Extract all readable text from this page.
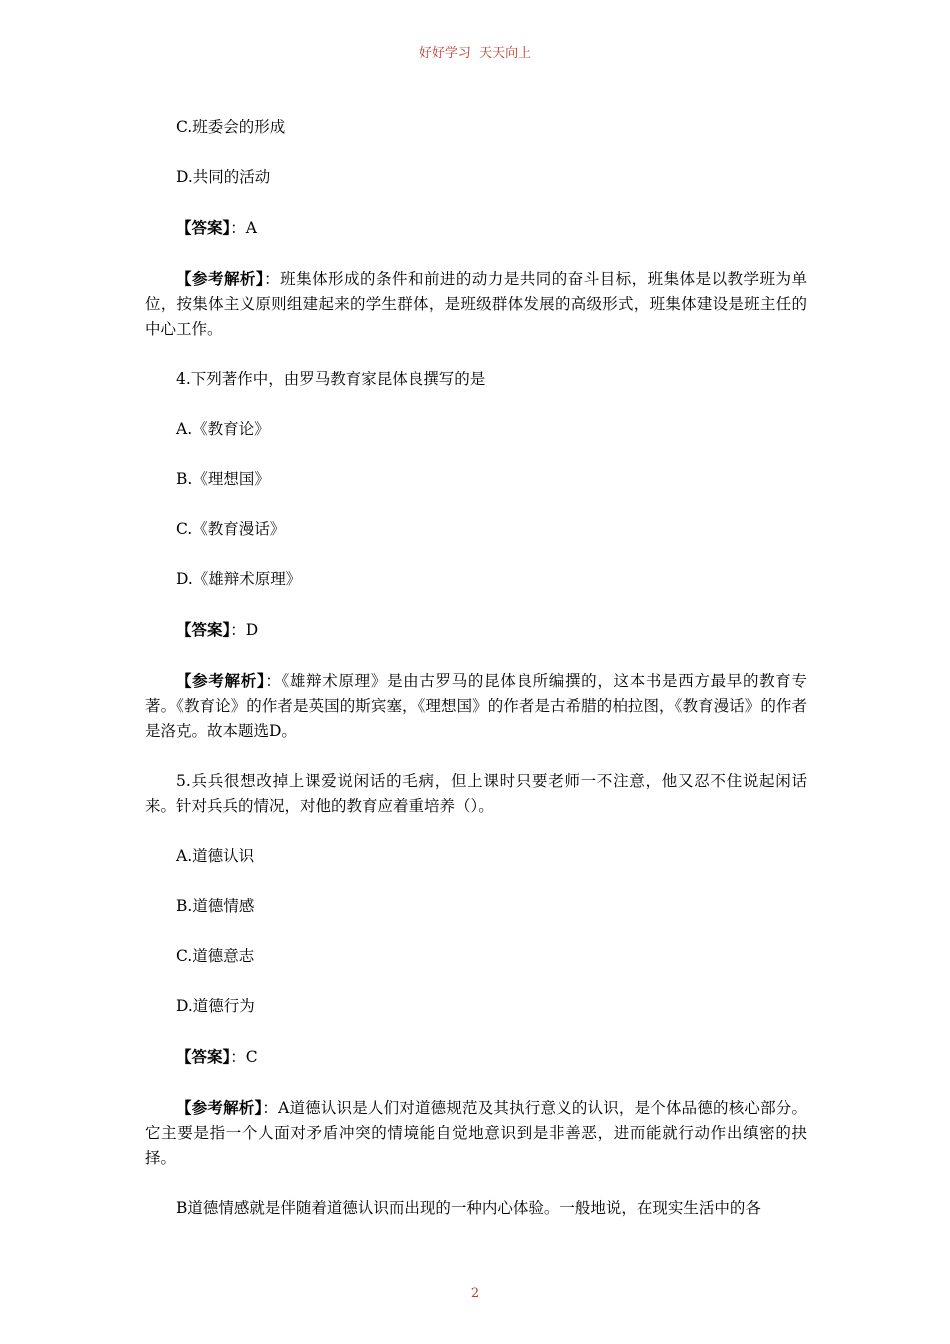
好好学习  天天向上

C.班委会的形成

D.共同的活动

【答案】：A

【参考解析】：班集体形成的条件和前进的动力是共同的奋斗目标，班集体是以教学班为单位，按集体主义原则组建起来的学生群体，是班级群体发展的高级形式，班集体建设是班主任的中心工作。

4.下列著作中，由罗马教育家昆体良撰写的是

A.《教育论》

B.《理想国》

C.《教育漫话》

D.《雄辩术原理》

【答案】：D

【参考解析】：《雄辩术原理》是由古罗马的昆体良所编撰的，这本书是西方最早的教育专著。《教育论》的作者是英国的斯宾塞，《理想国》的作者是古希腊的柏拉图，《教育漫话》的作者是洛克。故本题选D。

5.兵兵很想改掉上课爱说闲话的毛病，但上课时只要老师一不注意，他又忍不住说起闲话来。针对兵兵的情况，对他的教育应着重培养（）。

A.道德认识

B.道德情感

C.道德意志

D.道德行为

【答案】：C

【参考解析】：A道德认识是人们对道德规范及其执行意义的认识，是个体品德的核心部分。它主要是指一个人面对矛盾冲突的情境能自觉地意识到是非善恶，进而能就行动作出缜密的抉择。

B道德情感就是伴随着道德认识而出现的一种内心体验。一般地说，在现实生活中的各

2
